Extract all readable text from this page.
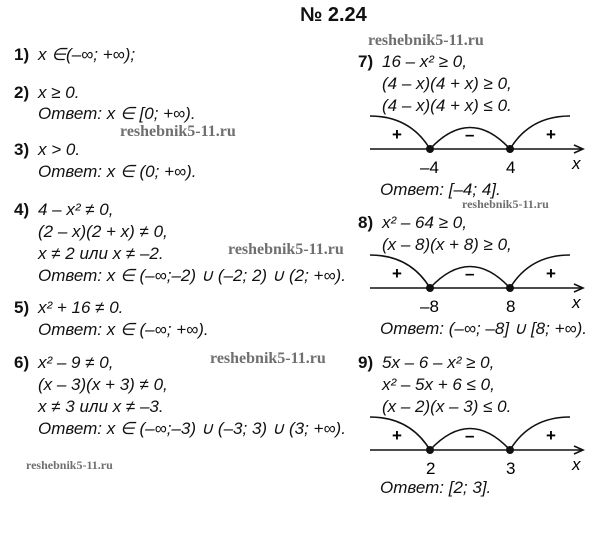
№ 2.24
reshebnik5-11.ru
reshebnik5-11.ru
reshebnik5-11.ru
reshebnik5-11.ru
reshebnik5-11.ru
reshebnik5-11.ru
1) x ∈(–∞; +∞);
2) x ≥ 0.
Ответ: x ∈ [0; +∞).
3) x > 0.
Ответ: x ∈ (0; +∞).
4) 4 – x² ≠ 0,
(2 – x)(2 + x) ≠ 0,
x ≠ 2 или x ≠ –2.
Ответ: x ∈ (–∞;–2) ∪ (–2; 2) ∪ (2; +∞).
5) x² + 16 ≠ 0.
Ответ: x ∈ (–∞; +∞).
6) x² – 9 ≠ 0,
(x – 3)(x + 3) ≠ 0,
x ≠ 3 или x ≠ –3.
Ответ: x ∈ (–∞;–3) ∪ (–3; 3) ∪ (3; +∞).
7) 16 – x² ≥ 0,
(4 – x)(4 + x) ≥ 0,
(4 – x)(4 + x) ≤ 0.
+	–	+
–4	4	x
Ответ: [–4; 4].
8) x² – 64 ≥ 0,
(x – 8)(x + 8) ≥ 0,
+	–	+
–8	8	x
Ответ: (–∞; –8] ∪ [8; +∞).
9) 5x – 6 – x² ≥ 0,
x² – 5x + 6 ≤ 0,
(x – 2)(x – 3) ≤ 0.
+	–	+
2	3	x
Ответ: [2; 3].
